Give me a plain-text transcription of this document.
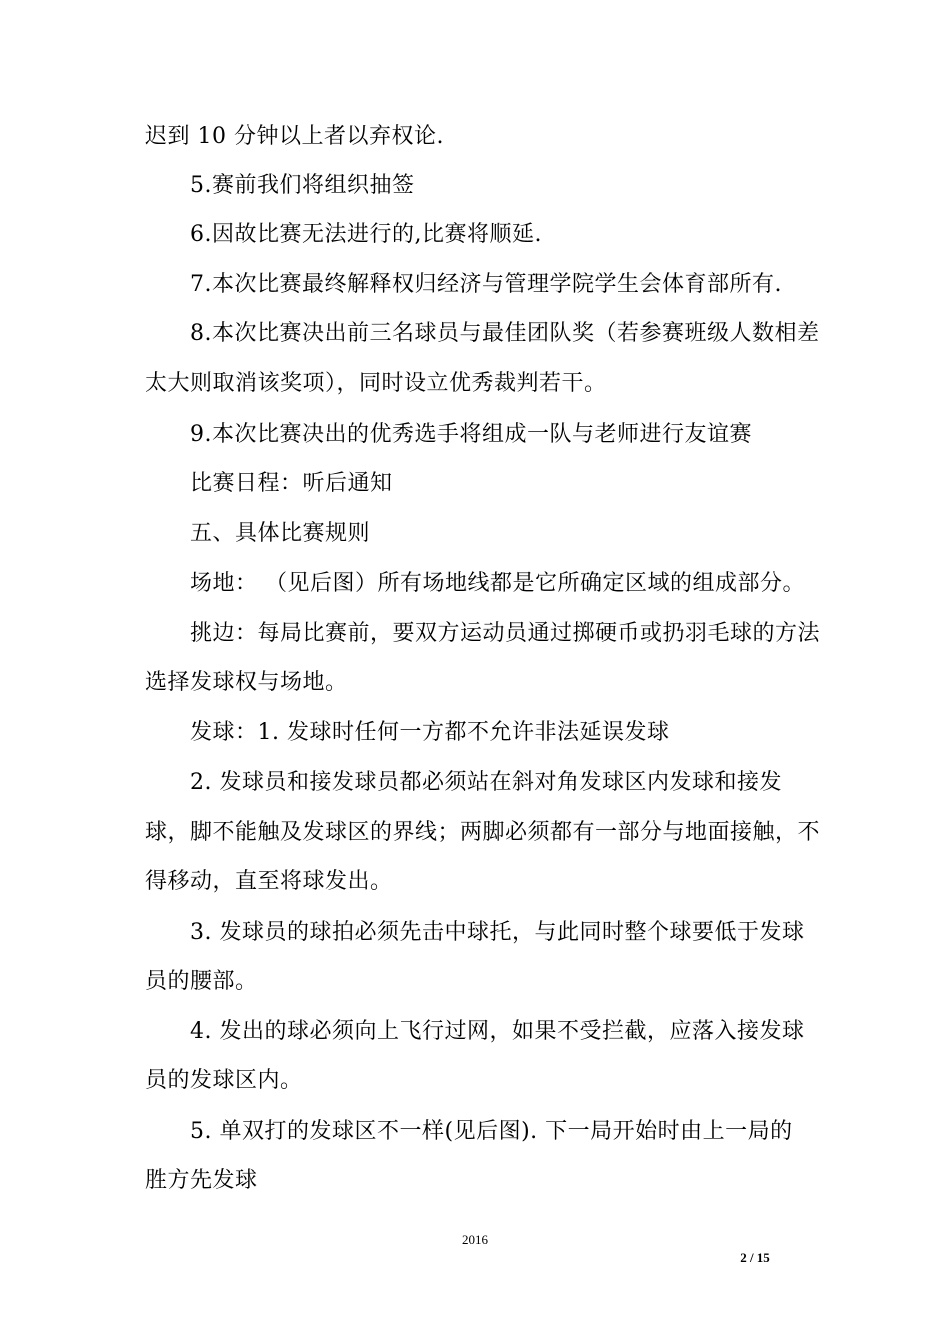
迟到 10 分钟以上者以弃权论.
5.赛前我们将组织抽签
6.因故比赛无法进行的,比赛将顺延.
7.本次比赛最终解释权归经济与管理学院学生会体育部所有.
8.本次比赛决出前三名球员与最佳团队奖（若参赛班级人数相差
太大则取消该奖项），同时设立优秀裁判若干。
9.本次比赛决出的优秀选手将组成一队与老师进行友谊赛
比赛日程：听后通知
五、具体比赛规则
场地： （见后图）所有场地线都是它所确定区域的组成部分。
挑边：每局比赛前，要双方运动员通过掷硬币或扔羽毛球的方法
选择发球权与场地。
发球：1. 发球时任何一方都不允许非法延误发球
2. 发球员和接发球员都必须站在斜对角发球区内发球和接发
球，脚不能触及发球区的界线；两脚必须都有一部分与地面接触，不
得移动，直至将球发出。
3. 发球员的球拍必须先击中球托，与此同时整个球要低于发球
员的腰部。
4. 发出的球必须向上飞行过网，如果不受拦截，应落入接发球
员的发球区内。
5. 单双打的发球区不一样(见后图). 下一局开始时由上一局的
胜方先发球
2016
2 / 15
